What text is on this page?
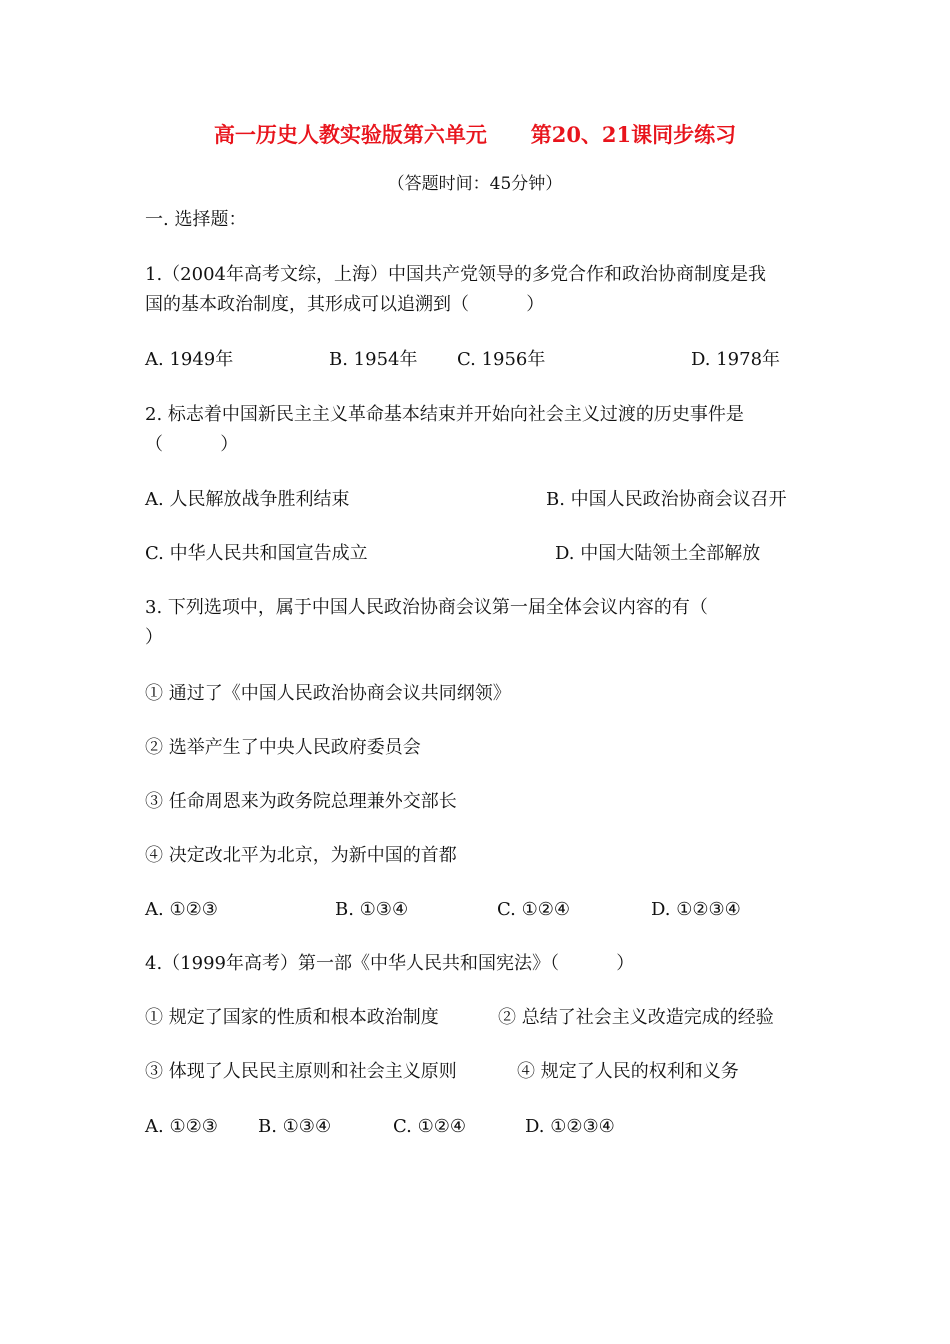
高一历史人教实验版第六单元      第20、21课同步练习
（答题时间：45分钟）
一. 选择题：
1.（2004年高考文综，上海）中国共产党领导的多党合作和政治协商制度是我
国的基本政治制度，其形成可以追溯到（          ）
A. 1949年	B. 1954年 C. 1956年	D. 1978年
2. 标志着中国新民主主义革命基本结束并开始向社会主义过渡的历史事件是
（          ）
A. 人民解放战争胜利结束	B. 中国人民政治协商会议召开
C. 中华人民共和国宣告成立	D. 中国大陆领土全部解放
3. 下列选项中，属于中国人民政治协商会议第一届全体会议内容的有（
）
① 通过了《中国人民政治协商会议共同纲领》
② 选举产生了中央人民政府委员会
③ 任命周恩来为政务院总理兼外交部长
④ 决定改北平为北京，为新中国的首都
A. ①②③	B. ①③④	C. ①②④	D. ①②③④
4.（1999年高考）第一部《中华人民共和国宪法》（          ）
① 规定了国家的性质和根本政治制度	② 总结了社会主义改造完成的经验
③ 体现了人民民主原则和社会主义原则	④ 规定了人民的权利和义务
A. ①②③ B. ①③④	C. ①②④	D. ①②③④
